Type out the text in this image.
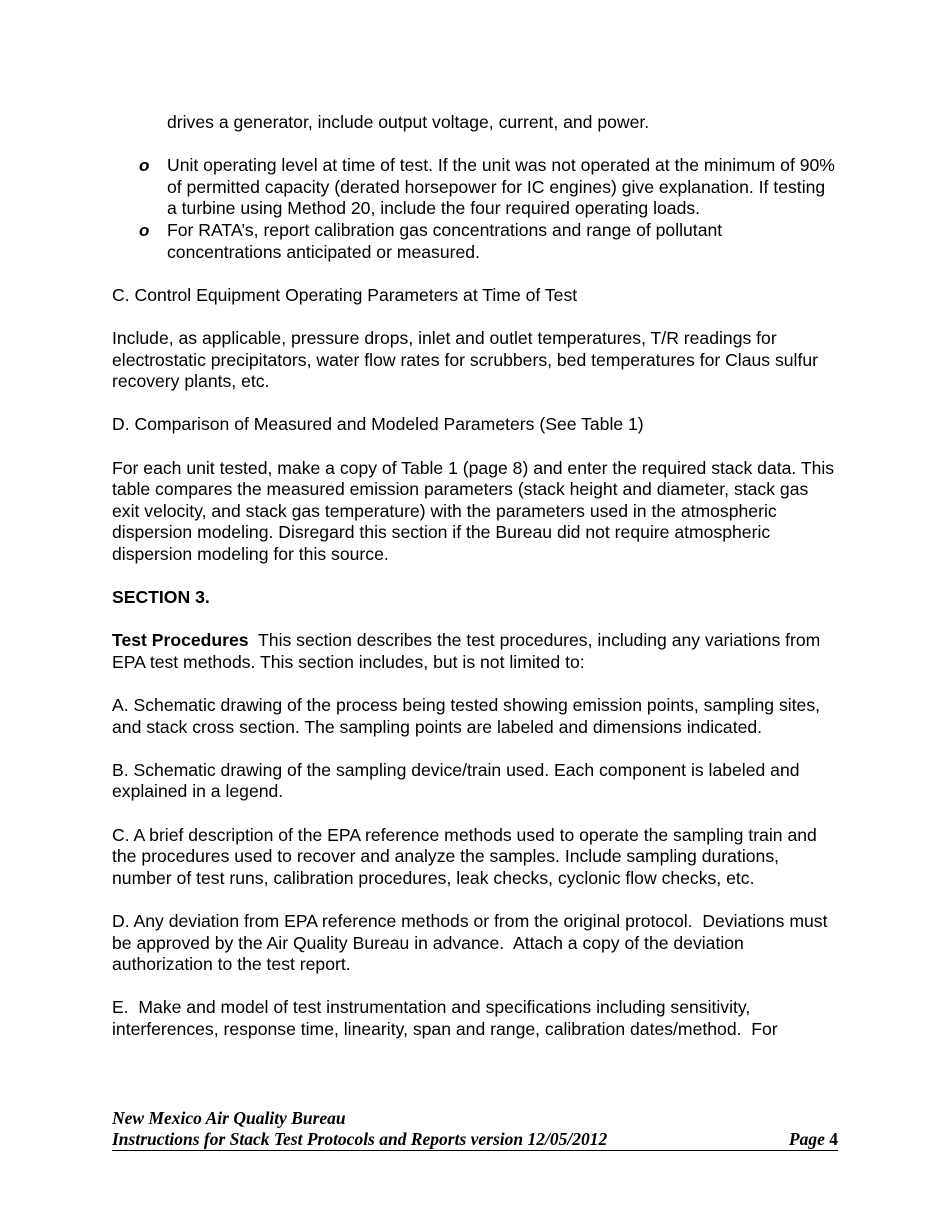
drives a generator, include output voltage, current, and power.

o Unit operating level at time of test. If the unit was not operated at the minimum of 90% of permitted capacity (derated horsepower for IC engines) give explanation. If testing a turbine using Method 20, include the four required operating loads.
o For RATA’s, report calibration gas concentrations and range of pollutant concentrations anticipated or measured.

C. Control Equipment Operating Parameters at Time of Test

Include, as applicable, pressure drops, inlet and outlet temperatures, T/R readings for electrostatic precipitators, water flow rates for scrubbers, bed temperatures for Claus sulfur recovery plants, etc.

D. Comparison of Measured and Modeled Parameters (See Table 1)

For each unit tested, make a copy of Table 1 (page 8) and enter the required stack data. This table compares the measured emission parameters (stack height and diameter, stack gas exit velocity, and stack gas temperature) with the parameters used in the atmospheric dispersion modeling. Disregard this section if the Bureau did not require atmospheric dispersion modeling for this source.

SECTION 3.

Test Procedures  This section describes the test procedures, including any variations from EPA test methods. This section includes, but is not limited to:

A. Schematic drawing of the process being tested showing emission points, sampling sites, and stack cross section. The sampling points are labeled and dimensions indicated.

B. Schematic drawing of the sampling device/train used. Each component is labeled and explained in a legend.

C. A brief description of the EPA reference methods used to operate the sampling train and the procedures used to recover and analyze the samples. Include sampling durations, number of test runs, calibration procedures, leak checks, cyclonic flow checks, etc.

D. Any deviation from EPA reference methods or from the original protocol.  Deviations must be approved by the Air Quality Bureau in advance.  Attach a copy of the deviation authorization to the test report.

E.  Make and model of test instrumentation and specifications including sensitivity, interferences, response time, linearity, span and range, calibration dates/method.  For

New Mexico Air Quality Bureau
Instructions for Stack Test Protocols and Reports version 12/05/2012	Page 4
